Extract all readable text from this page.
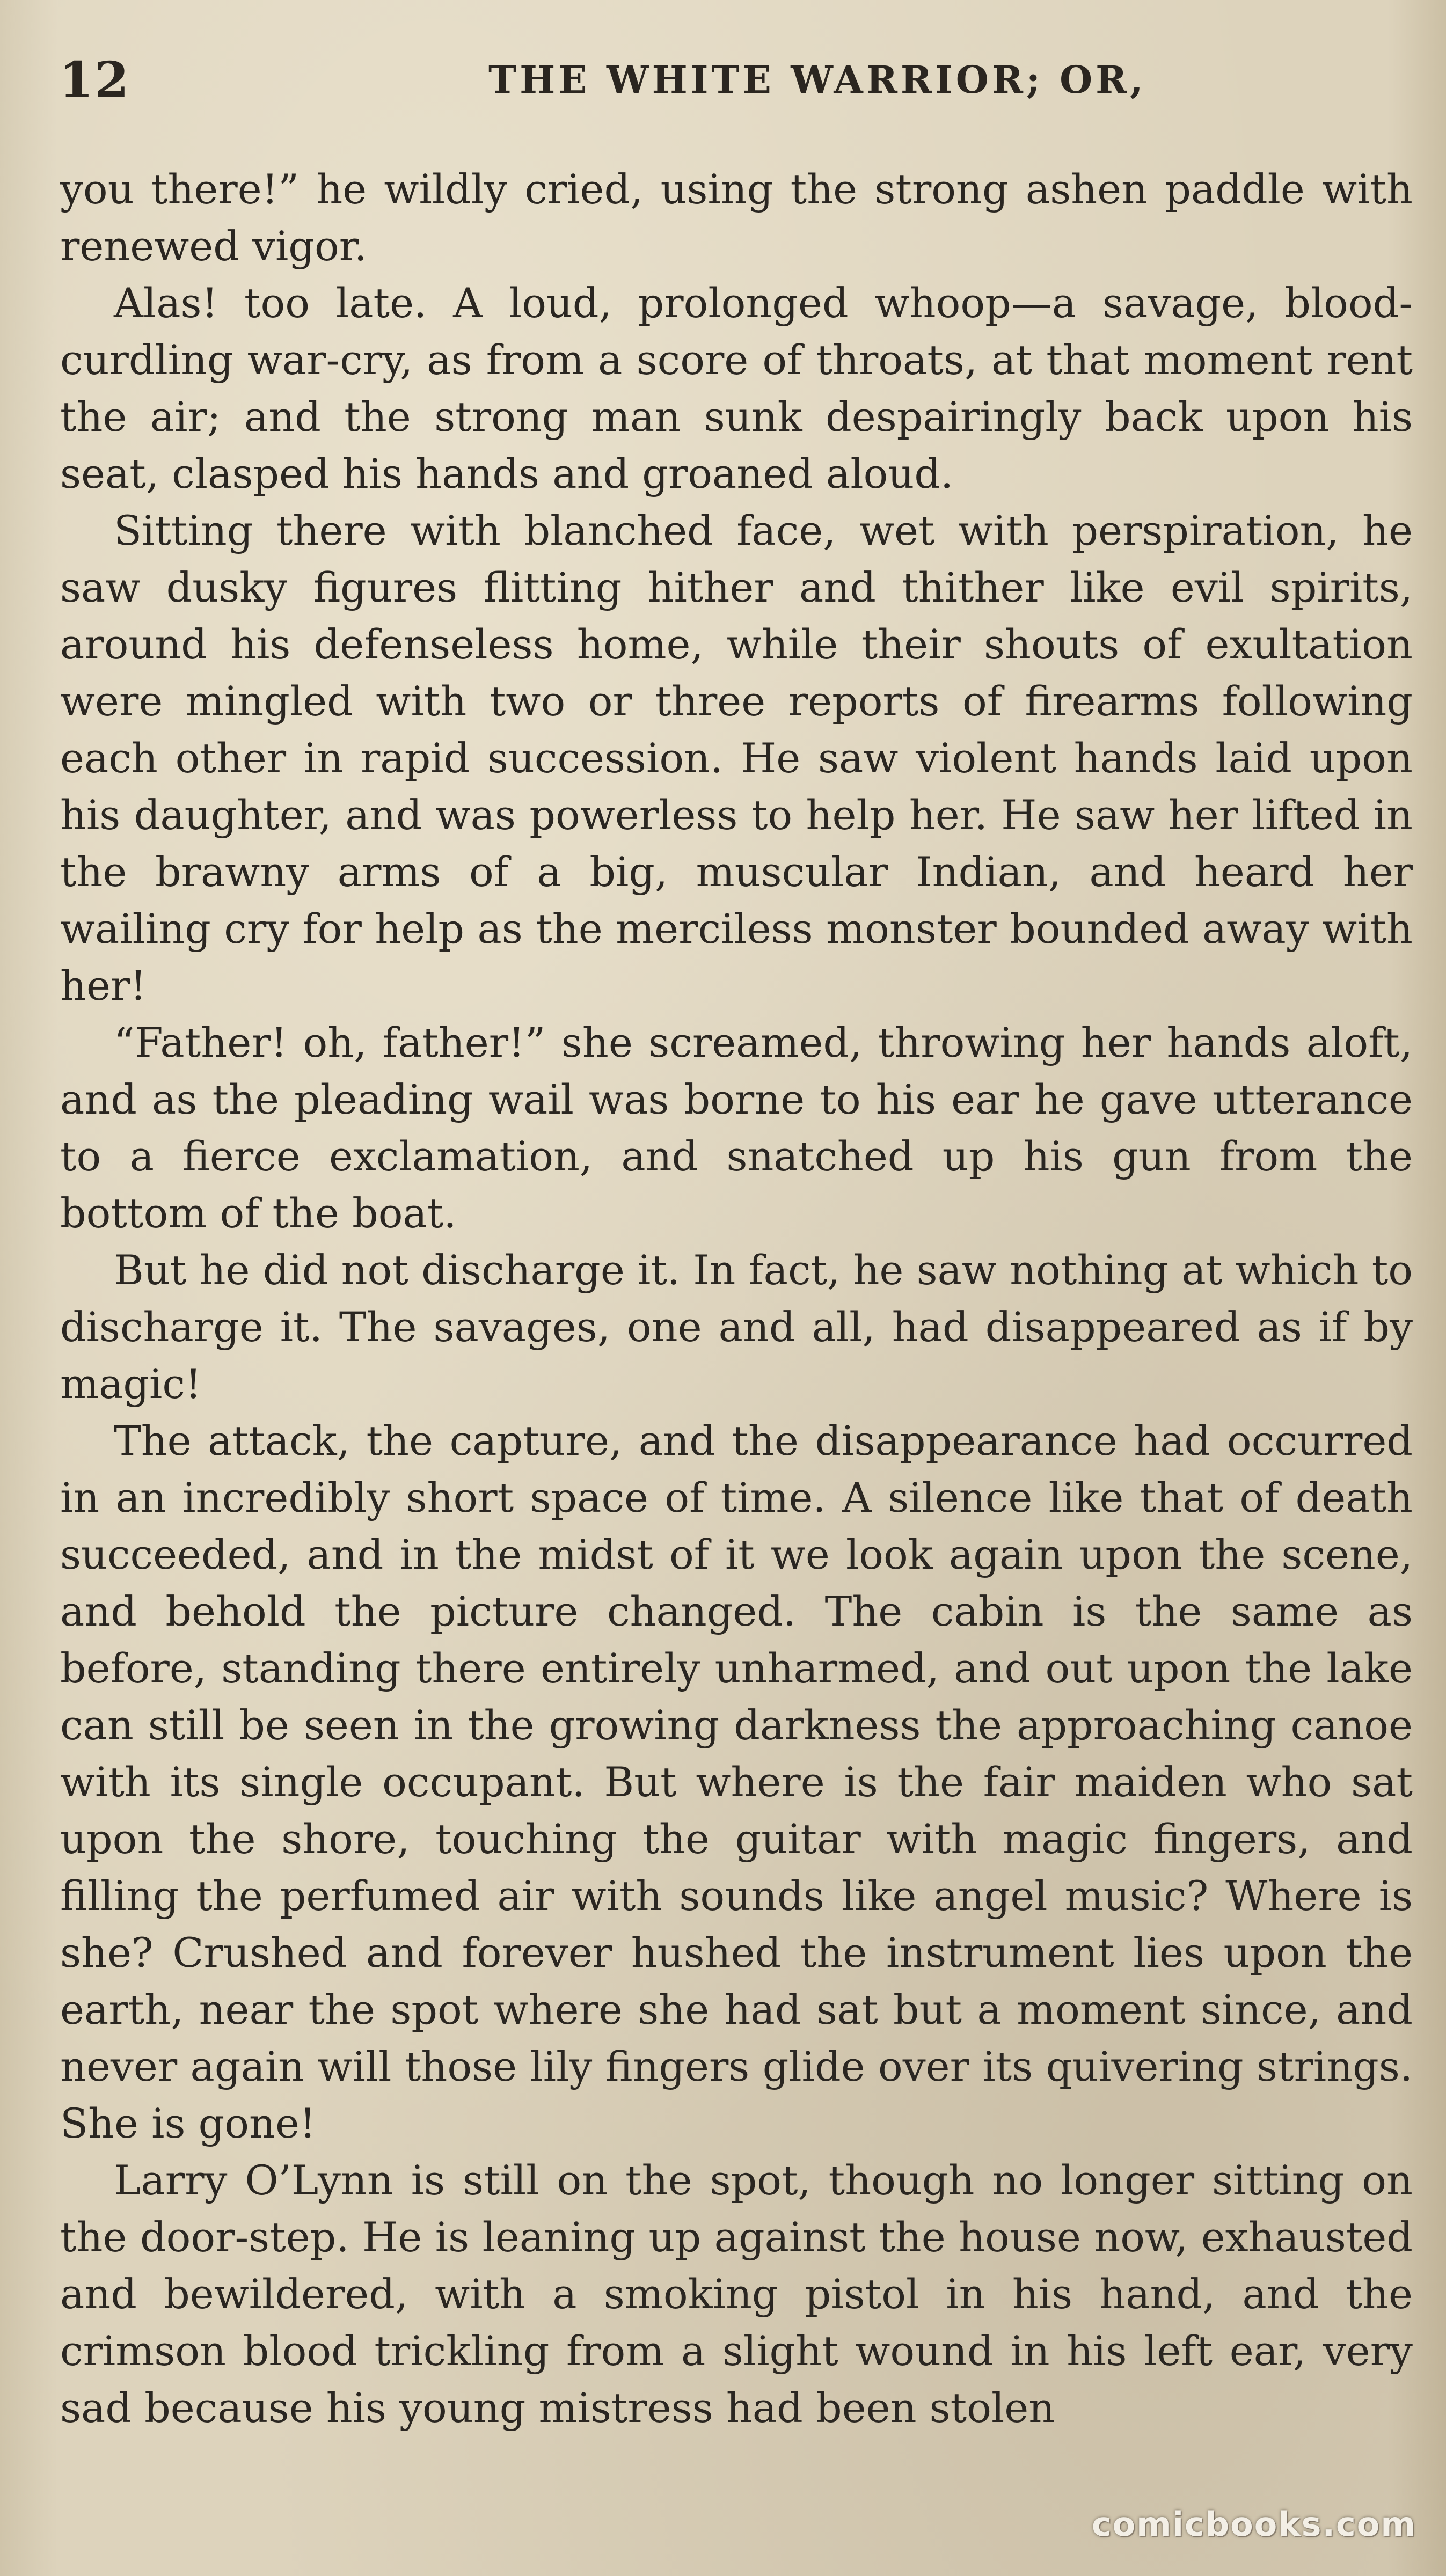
12	THE WHITE WARRIOR; OR,

you there!” he wildly cried, using the strong ashen paddle with renewed vigor.

Alas! too late. A loud, prolonged whoop—a savage, blood-curdling war-cry, as from a score of throats, at that moment rent the air; and the strong man sunk despairingly back upon his seat, clasped his hands and groaned aloud.

Sitting there with blanched face, wet with perspiration, he saw dusky figures flitting hither and thither like evil spirits, around his defenseless home, while their shouts of exultation were mingled with two or three reports of firearms following each other in rapid succession. He saw violent hands laid upon his daughter, and was powerless to help her. He saw her lifted in the brawny arms of a big, muscular Indian, and heard her wailing cry for help as the merciless monster bounded away with her!

“Father! oh, father!” she screamed, throwing her hands aloft, and as the pleading wail was borne to his ear he gave utterance to a fierce exclamation, and snatched up his gun from the bottom of the boat.

But he did not discharge it. In fact, he saw nothing at which to discharge it. The savages, one and all, had disappeared as if by magic!

The attack, the capture, and the disappearance had occurred in an incredibly short space of time. A silence like that of death succeeded, and in the midst of it we look again upon the scene, and behold the picture changed. The cabin is the same as before, standing there entirely unharmed, and out upon the lake can still be seen in the growing darkness the approaching canoe with its single occupant. But where is the fair maiden who sat upon the shore, touching the guitar with magic fingers, and filling the perfumed air with sounds like angel music? Where is she? Crushed and forever hushed the instrument lies upon the earth, near the spot where she had sat but a moment since, and never again will those lily fingers glide over its quivering strings. She is gone!

Larry O’Lynn is still on the spot, though no longer sitting on the door-step. He is leaning up against the house now, exhausted and bewildered, with a smoking pistol in his hand, and the crimson blood trickling from a slight wound in his left ear, very sad because his young mistress had been stolen

comicbooks.com
